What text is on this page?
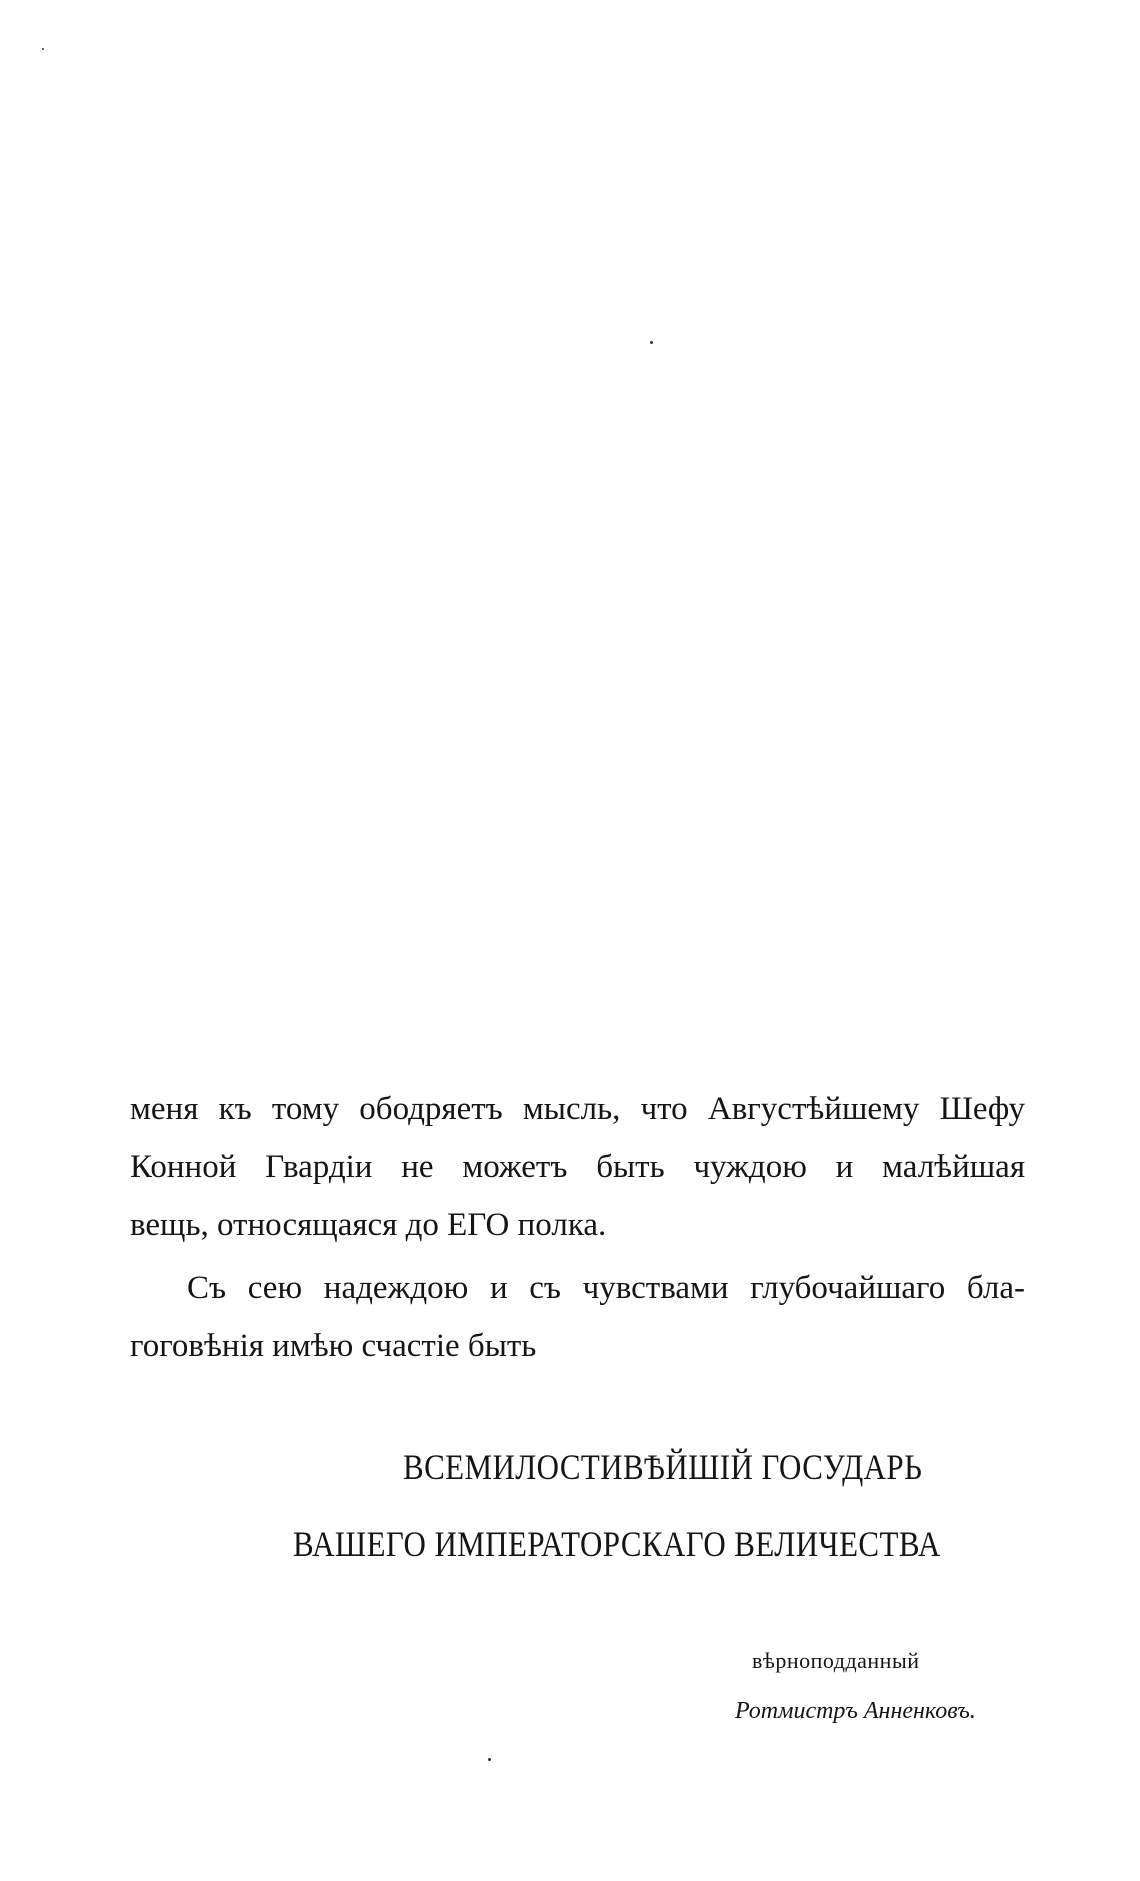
меня къ тому ободряетъ мысль, что Августѣйшему Шефу
Конной Гвардіи не можетъ быть чуждою и малѣйшая
вещь, относящаяся до ЕГО полка.
Съ сею надеждою и съ чувствами глубочайшаго бла-
гоговѣнія имѣю счастіе быть
ВСЕМИЛОСТИВѢЙШІЙ ГОСУДАРЬ
ВАШЕГО ИМПЕРАТОРСКАГО ВЕЛИЧЕСТВА
вѣрноподданный
Ротмистръ Анненковъ.
